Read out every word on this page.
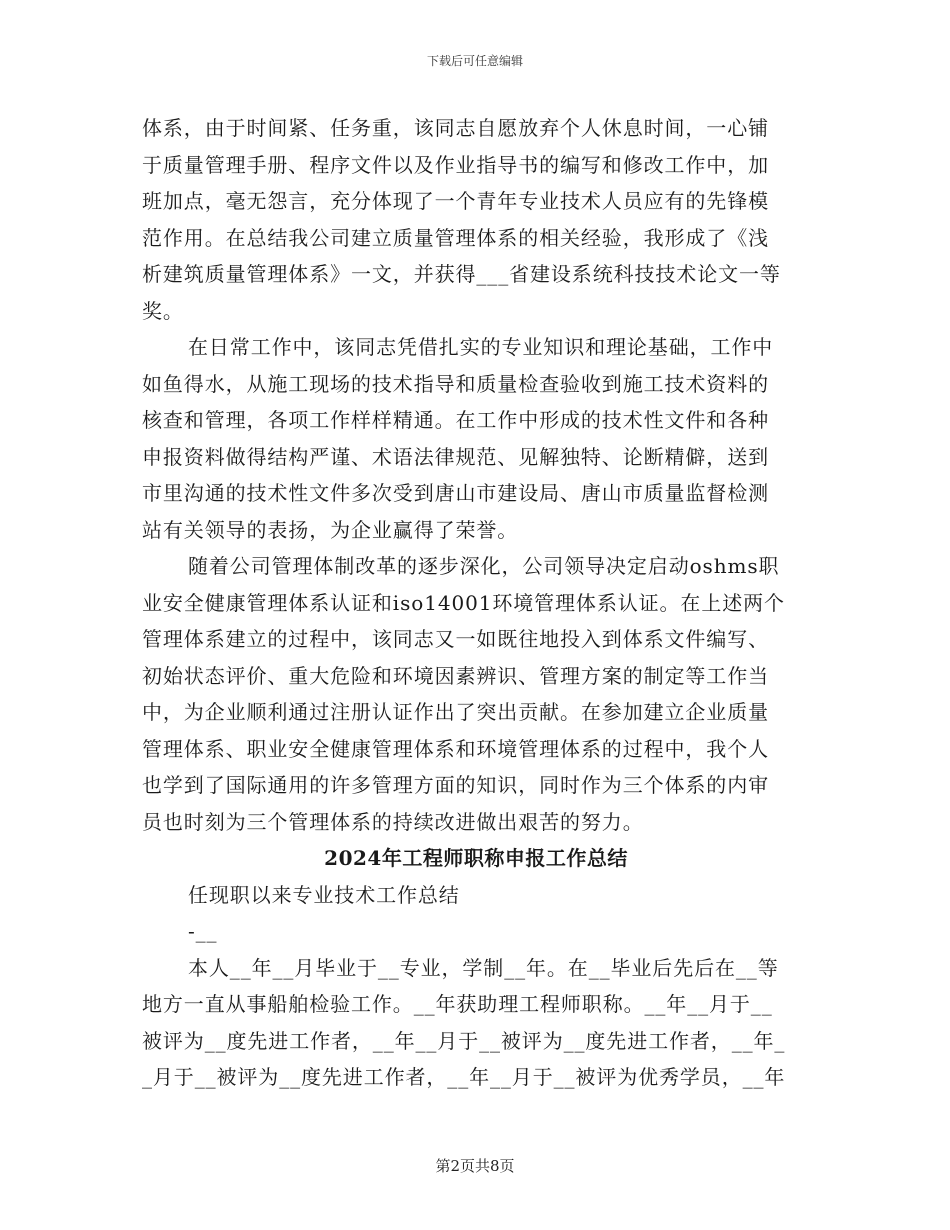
下载后可任意编辑
体系，由于时间紧、任务重，该同志自愿放弃个人休息时间，一心铺
于质量管理手册、程序文件以及作业指导书的编写和修改工作中，加
班加点，毫无怨言，充分体现了一个青年专业技术人员应有的先锋模
范作用。在总结我公司建立质量管理体系的相关经验，我形成了《浅
析建筑质量管理体系》一文，并获得___省建设系统科技技术论文一等
奖。
在日常工作中，该同志凭借扎实的专业知识和理论基础，工作中
如鱼得水，从施工现场的技术指导和质量检查验收到施工技术资料的
核查和管理，各项工作样样精通。在工作中形成的技术性文件和各种
申报资料做得结构严谨、术语法律规范、见解独特、论断精僻，送到
市里沟通的技术性文件多次受到唐山市建设局、唐山市质量监督检测
站有关领导的表扬，为企业赢得了荣誉。
随着公司管理体制改革的逐步深化，公司领导决定启动oshms职
业安全健康管理体系认证和iso14001环境管理体系认证。在上述两个
管理体系建立的过程中，该同志又一如既往地投入到体系文件编写、
初始状态评价、重大危险和环境因素辨识、管理方案的制定等工作当
中，为企业顺利通过注册认证作出了突出贡献。在参加建立企业质量
管理体系、职业安全健康管理体系和环境管理体系的过程中，我个人
也学到了国际通用的许多管理方面的知识，同时作为三个体系的内审
员也时刻为三个管理体系的持续改进做出艰苦的努力。
2024年工程师职称申报工作总结
任现职以来专业技术工作总结
-__
本人__年__月毕业于__专业，学制__年。在__毕业后先后在__等
地方一直从事船舶检验工作。__年获助理工程师职称。__年__月于__
被评为__度先进工作者，__年__月于__被评为__度先进工作者，__年_
_月于__被评为__度先进工作者，__年__月于__被评为优秀学员，__年
第2页共8页
